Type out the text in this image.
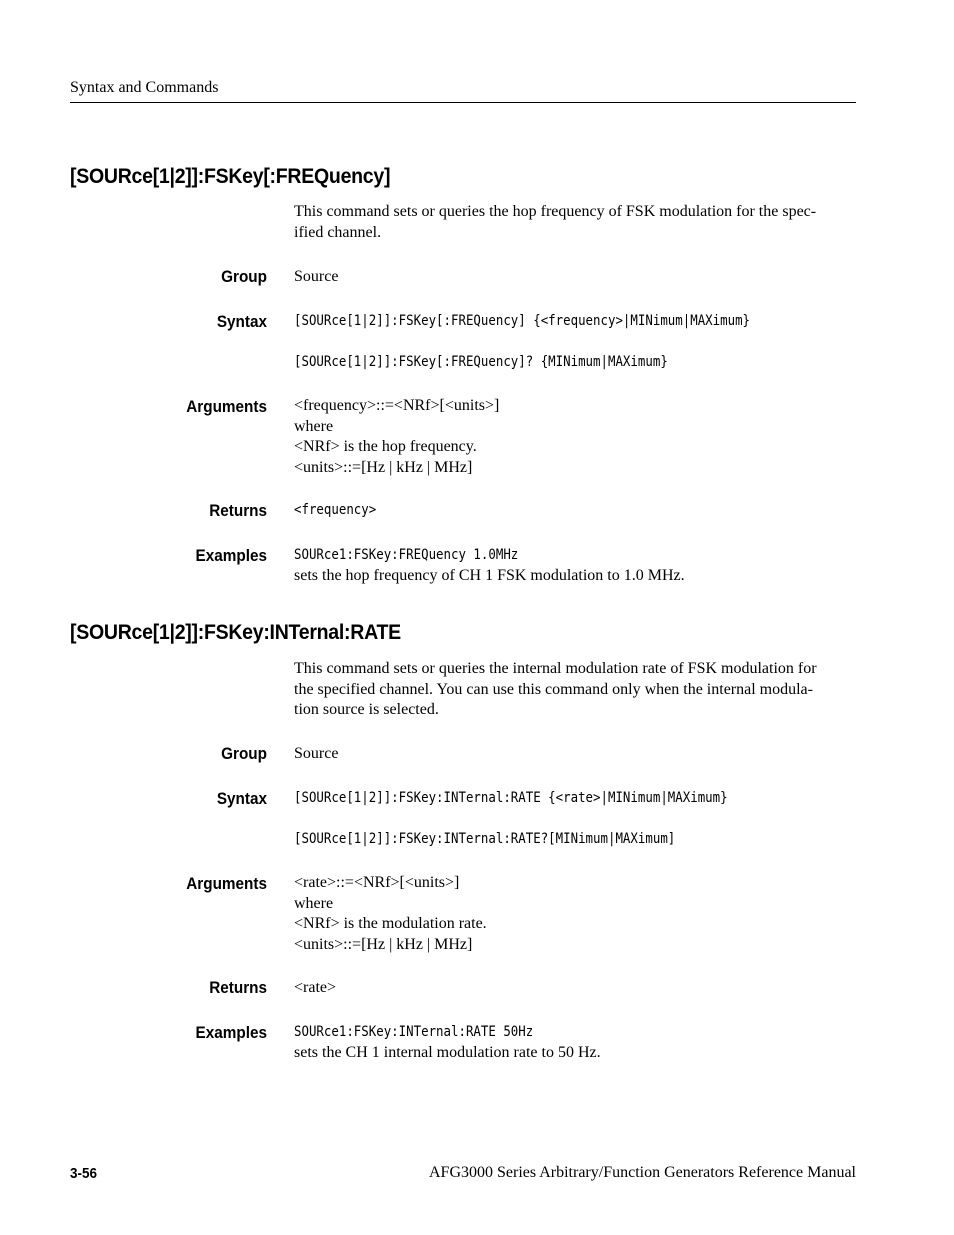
Syntax and Commands
[SOURce[1|2]]:FSKey[:FREQuency]
This command sets or queries the hop frequency of FSK modulation for the spec-
ified channel.
Group Source
Syntax [SOURce[1|2]]:FSKey[:FREQuency] {<frequency>|MINimum|MAXimum}
[SOURce[1|2]]:FSKey[:FREQuency]? {MINimum|MAXimum}
Arguments <frequency>::=<NRf>[<units>]
where
<NRf> is the hop frequency.
<units>::=[Hz | kHz | MHz]
Returns <frequency>
Examples SOURce1:FSKey:FREQuency 1.0MHz
sets the hop frequency of CH 1 FSK modulation to 1.0 MHz.
[SOURce[1|2]]:FSKey:INTernal:RATE
This command sets or queries the internal modulation rate of FSK modulation for
the specified channel. You can use this command only when the internal modula-
tion source is selected.
Group Source
Syntax [SOURce[1|2]]:FSKey:INTernal:RATE {<rate>|MINimum|MAXimum}
[SOURce[1|2]]:FSKey:INTernal:RATE?[MINimum|MAXimum]
Arguments <rate>::=<NRf>[<units>]
where
<NRf> is the modulation rate.
<units>::=[Hz | kHz | MHz]
Returns <rate>
Examples SOURce1:FSKey:INTernal:RATE 50Hz
sets the CH 1 internal modulation rate to 50 Hz.
3-56	AFG3000 Series Arbitrary/Function Generators Reference Manual
